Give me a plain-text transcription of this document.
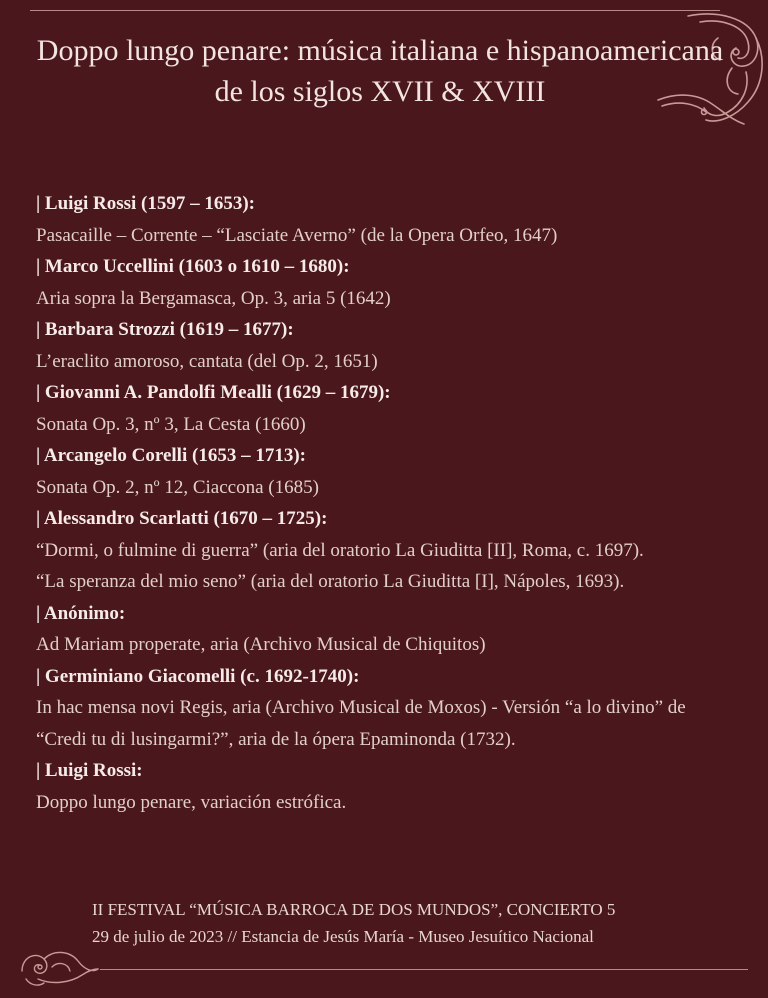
Doppo lungo penare: música italiana e hispanoamericana
de los siglos XVII & XVIII
| Luigi Rossi (1597 – 1653):
Pasacaille – Corrente – “Lasciate Averno” (de la Opera Orfeo, 1647)
| Marco Uccellini (1603 o 1610 – 1680):
Aria sopra la Bergamasca, Op. 3, aria 5 (1642)
| Barbara Strozzi (1619 – 1677):
L’eraclito amoroso, cantata (del Op. 2, 1651)
| Giovanni A. Pandolfi Mealli (1629 – 1679):
Sonata Op. 3, nº 3, La Cesta (1660)
| Arcangelo Corelli (1653 – 1713):
Sonata Op. 2, nº 12, Ciaccona (1685)
| Alessandro Scarlatti (1670 – 1725):
“Dormi, o fulmine di guerra” (aria del oratorio La Giuditta [II], Roma, c. 1697).
“La speranza del mio seno” (aria del oratorio La Giuditta [I], Nápoles, 1693).
| Anónimo:
Ad Mariam properate, aria (Archivo Musical de Chiquitos)
| Germiniano Giacomelli (c. 1692-1740):
In hac mensa novi Regis, aria (Archivo Musical de Moxos) - Versión “a lo divino” de
“Credi tu di lusingarmi?”, aria de la ópera Epaminonda (1732).
| Luigi Rossi:
Doppo lungo penare, variación estrófica.
II FESTIVAL “MÚSICA BARROCA DE DOS MUNDOS”, CONCIERTO 5
29 de julio de 2023 // Estancia de Jesús María - Museo Jesuítico Nacional
